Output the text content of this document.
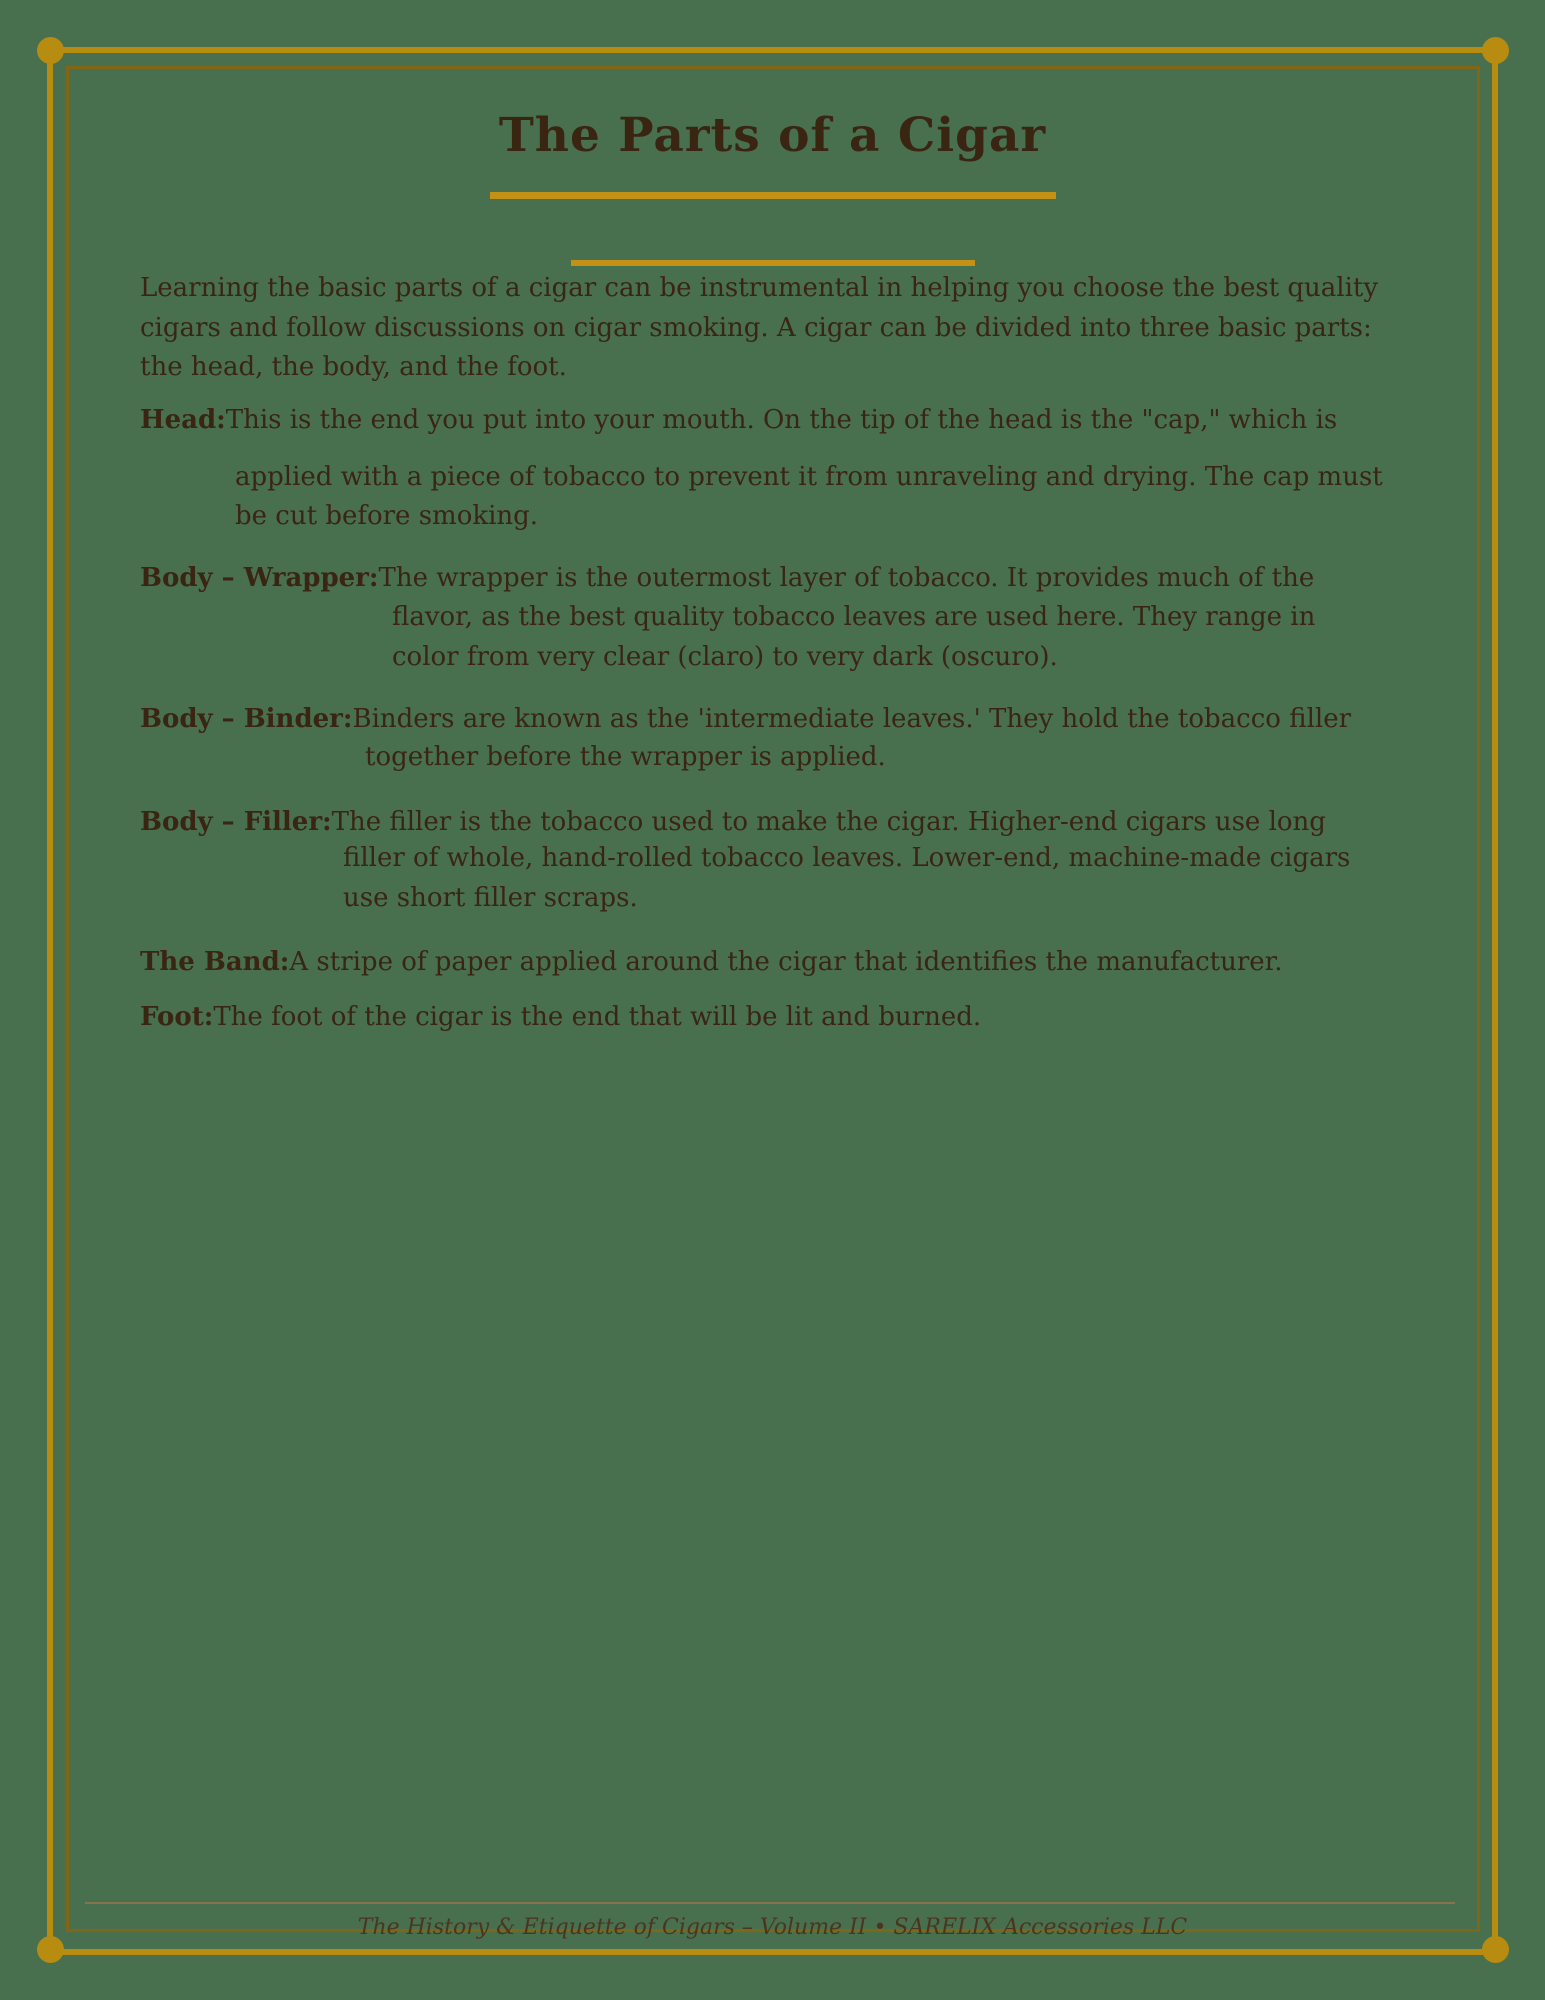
The Parts of a Cigar
Learning the basic parts of a cigar can be instrumental in helping you choose the best quality
cigars and follow discussions on cigar smoking. A cigar can be divided into three basic parts:
the head, the body, and the foot.
Head:This is the end you put into your mouth. On the tip of the head is the "cap," which is
applied with a piece of tobacco to prevent it from unraveling and drying. The cap must
be cut before smoking.
Body – Wrapper:The wrapper is the outermost layer of tobacco. It provides much of the
flavor, as the best quality tobacco leaves are used here. They range in
color from very clear (claro) to very dark (oscuro).
Body – Binder:Binders are known as the 'intermediate leaves.' They hold the tobacco filler
together before the wrapper is applied.
Body – Filler:The filler is the tobacco used to make the cigar. Higher-end cigars use long
filler of whole, hand-rolled tobacco leaves. Lower-end, machine-made cigars
use short filler scraps.
The Band:A stripe of paper applied around the cigar that identifies the manufacturer.
Foot:The foot of the cigar is the end that will be lit and burned.
The History & Etiquette of Cigars – Volume II • SARELIX Accessories LLC
